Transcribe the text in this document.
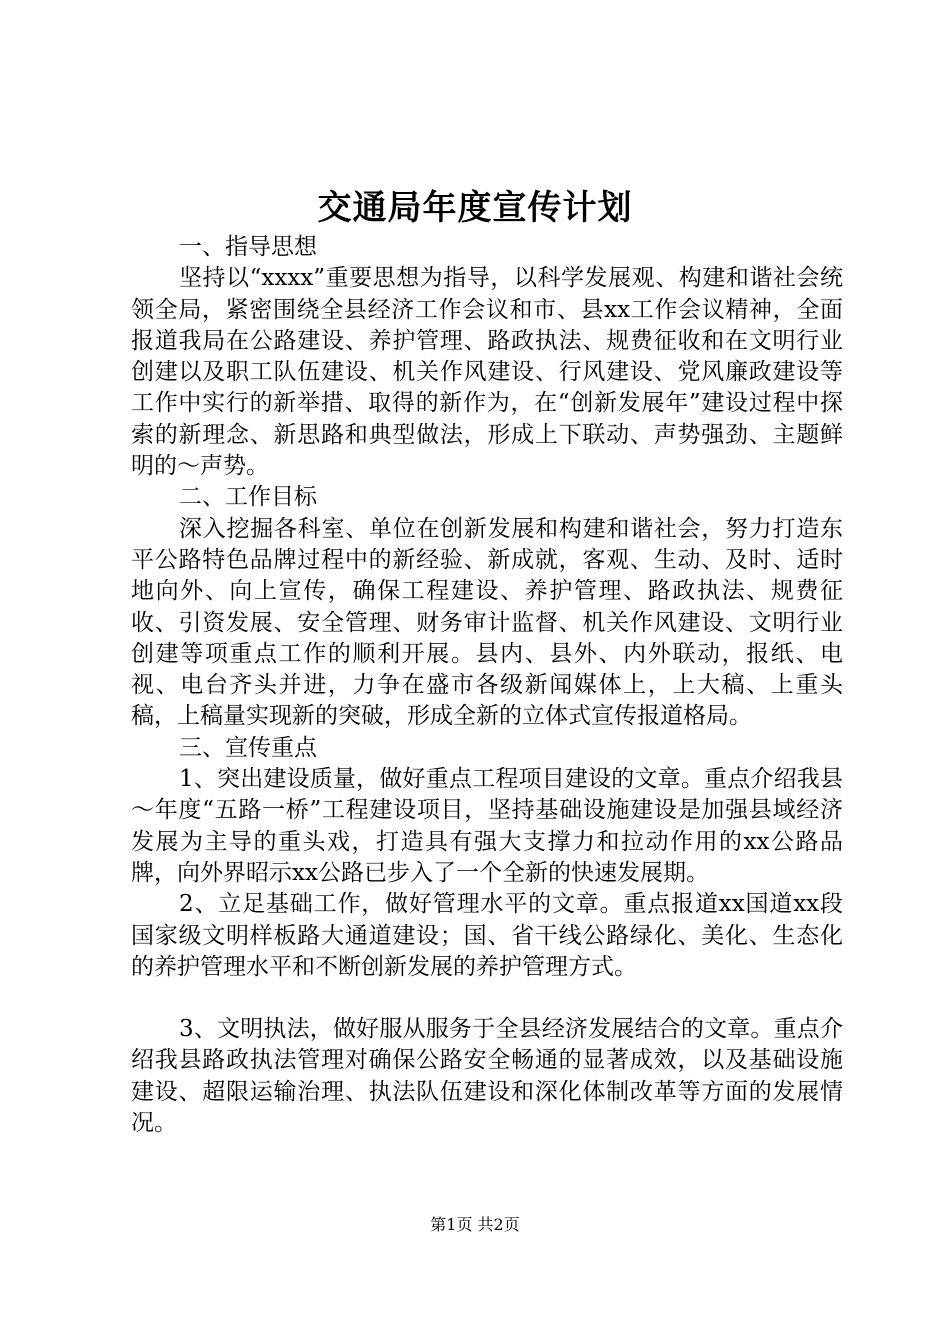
交通局年度宣传计划
一、指导思想
坚持以“xxxx”重要思想为指导，以科学发展观、构建和谐社会统领全局，紧密围绕全县经济工作会议和市、县xx工作会议精神，全面报道我局在公路建设、养护管理、路政执法、规费征收和在文明行业创建以及职工队伍建设、机关作风建设、行风建设、党风廉政建设等工作中实行的新举措、取得的新作为，在“创新发展年”建设过程中探索的新理念、新思路和典型做法，形成上下联动、声势强劲、主题鲜明的～声势。
二、工作目标
深入挖掘各科室、单位在创新发展和构建和谐社会，努力打造东平公路特色品牌过程中的新经验、新成就，客观、生动、及时、适时地向外、向上宣传，确保工程建设、养护管理、路政执法、规费征收、引资发展、安全管理、财务审计监督、机关作风建设、文明行业创建等项重点工作的顺利开展。县内、县外、内外联动，报纸、电视、电台齐头并进，力争在盛市各级新闻媒体上，上大稿、上重头稿，上稿量实现新的突破，形成全新的立体式宣传报道格局。
三、宣传重点
1、突出建设质量，做好重点工程项目建设的文章。重点介绍我县～年度“五路一桥”工程建设项目，坚持基础设施建设是加强县域经济发展为主导的重头戏，打造具有强大支撑力和拉动作用的xx公路品牌，向外界昭示xx公路已步入了一个全新的快速发展期。
2、立足基础工作，做好管理水平的文章。重点报道xx国道xx段国家级文明样板路大通道建设；国、省干线公路绿化、美化、生态化的养护管理水平和不断创新发展的养护管理方式。
3、文明执法，做好服从服务于全县经济发展结合的文章。重点介绍我县路政执法管理对确保公路安全畅通的显著成效，以及基础设施建设、超限运输治理、执法队伍建设和深化体制改革等方面的发展情况。
第1页 共2页
